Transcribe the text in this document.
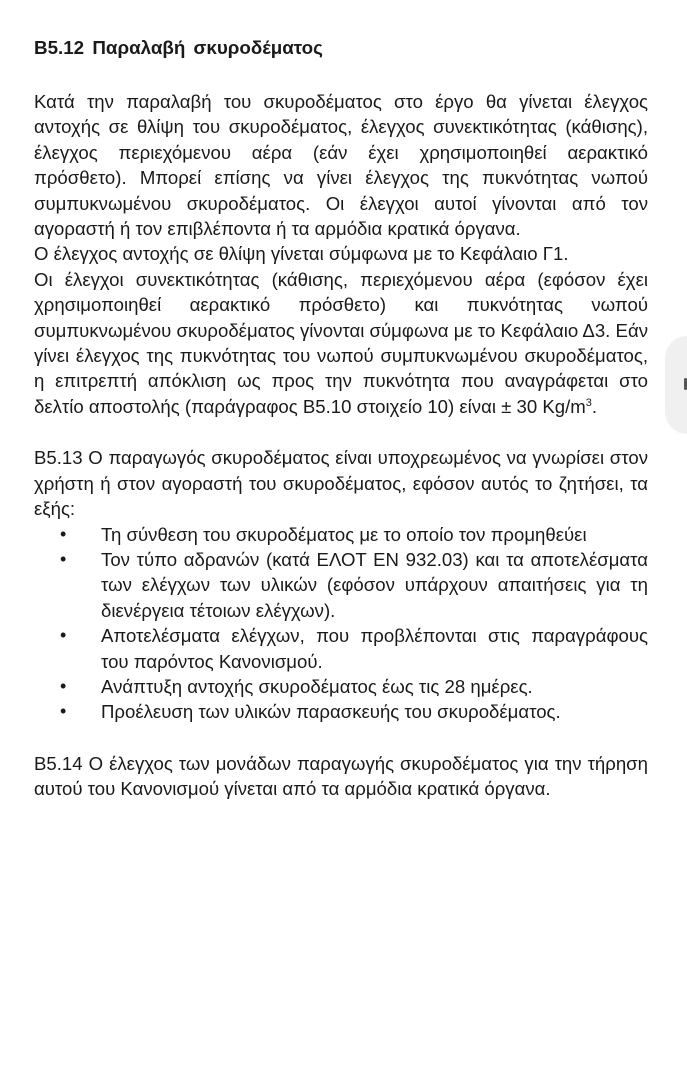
B5.12 Παραλαβή σκυροδέματος

Κατά την παραλαβή του σκυροδέματος στο έργο θα γίνεται έλεγχος αντοχής σε θλίψη του σκυροδέματος, έλεγχος συνεκτικότητας (κάθισης), έλεγχος περιεχόμενου αέρα (εάν έχει χρησιμοποιηθεί αερακτικό πρόσθετο). Μπορεί επίσης να γίνει έλεγχος της πυκνότητας νωπού συμπυκνωμένου σκυροδέματος. Οι έλεγχοι αυτοί γίνονται από τον αγοραστή ή τον επιβλέποντα ή τα αρμόδια κρατικά όργανα.

Ο έλεγχος αντοχής σε θλίψη γίνεται σύμφωνα με το Κεφάλαιο Γ1.

Οι έλεγχοι συνεκτικότητας (κάθισης, περιεχόμενου αέρα (εφόσον έχει χρησιμοποιηθεί αερακτικό πρόσθετο) και πυκνότητας νωπού συμπυκνωμένου σκυροδέματος γίνονται σύμφωνα με το Κεφάλαιο Δ3. Εάν γίνει έλεγχος της πυκνότητας του νωπού συμπυκνωμένου σκυροδέματος, η επιτρεπτή απόκλιση ως προς την πυκνότητα που αναγράφεται στο δελτίο αποστολής (παράγραφος Β5.10 στοιχείο 10) είναι ± 30 $Kg/m^3$.

Β5.13 Ο παραγωγός σκυροδέματος είναι υποχρεωμένος να γνωρίσει στον χρήστη ή στον αγοραστή του σκυροδέματος, εφόσον αυτός το ζητήσει, τα εξής:

• Τη σύνθεση του σκυροδέματος με το οποίο τον προμηθεύει
• Τον τύπο αδρανών (κατά ΕΛΟΤ ΕΝ 932.03) και τα αποτελέσματα των ελέγχων των υλικών (εφόσον υπάρχουν απαιτήσεις για τη διενέργεια τέτοιων ελέγχων).
• Αποτελέσματα ελέγχων, που προβλέπονται στις παραγράφους του παρόντος Κανονισμού.
• Ανάπτυξη αντοχής σκυροδέματος έως τις 28 ημέρες.
• Προέλευση των υλικών παρασκευής του σκυροδέματος.

Β5.14 Ο έλεγχος των μονάδων παραγωγής σκυροδέματος για την τήρηση αυτού του Κανονισμού γίνεται από τα αρμόδια κρατικά όργανα.
